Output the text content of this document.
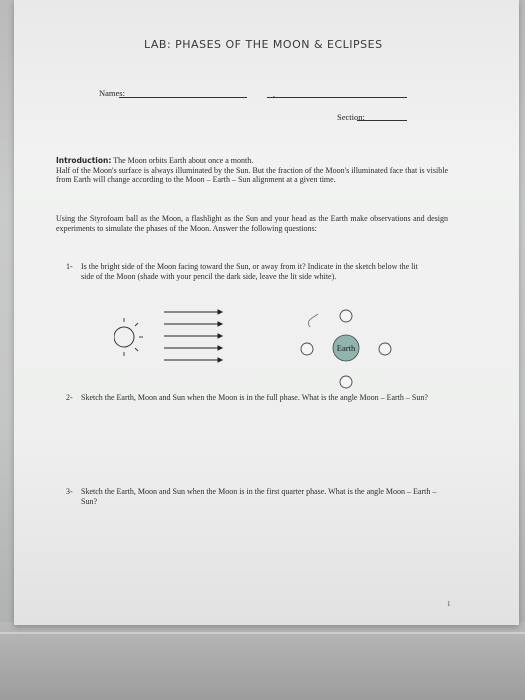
LAB: PHASES OF THE MOON & ECLIPSES
Names:	,
Section:
Introduction: The Moon orbits Earth about once a month.
Half of the Moon's surface is always illuminated by the Sun. But the fraction of the Moon's illuminated face that is visible from Earth will change according to the Moon – Earth – Sun alignment at a given time.
Using the Styrofoam ball as the Moon, a flashlight as the Sun and your head as the Earth make observations and design experiments to simulate the phases of the Moon. Answer the following questions:
1- Is the bright side of the Moon facing toward the Sun, or away from it? Indicate in the sketch below the lit side of the Moon (shade with your pencil the dark side, leave the lit side white).
Earth
2- Sketch the Earth, Moon and Sun when the Moon is in the full phase. What is the angle Moon – Earth – Sun?
3- Sketch the Earth, Moon and Sun when the Moon is in the first quarter phase. What is the angle Moon – Earth – Sun?
1
